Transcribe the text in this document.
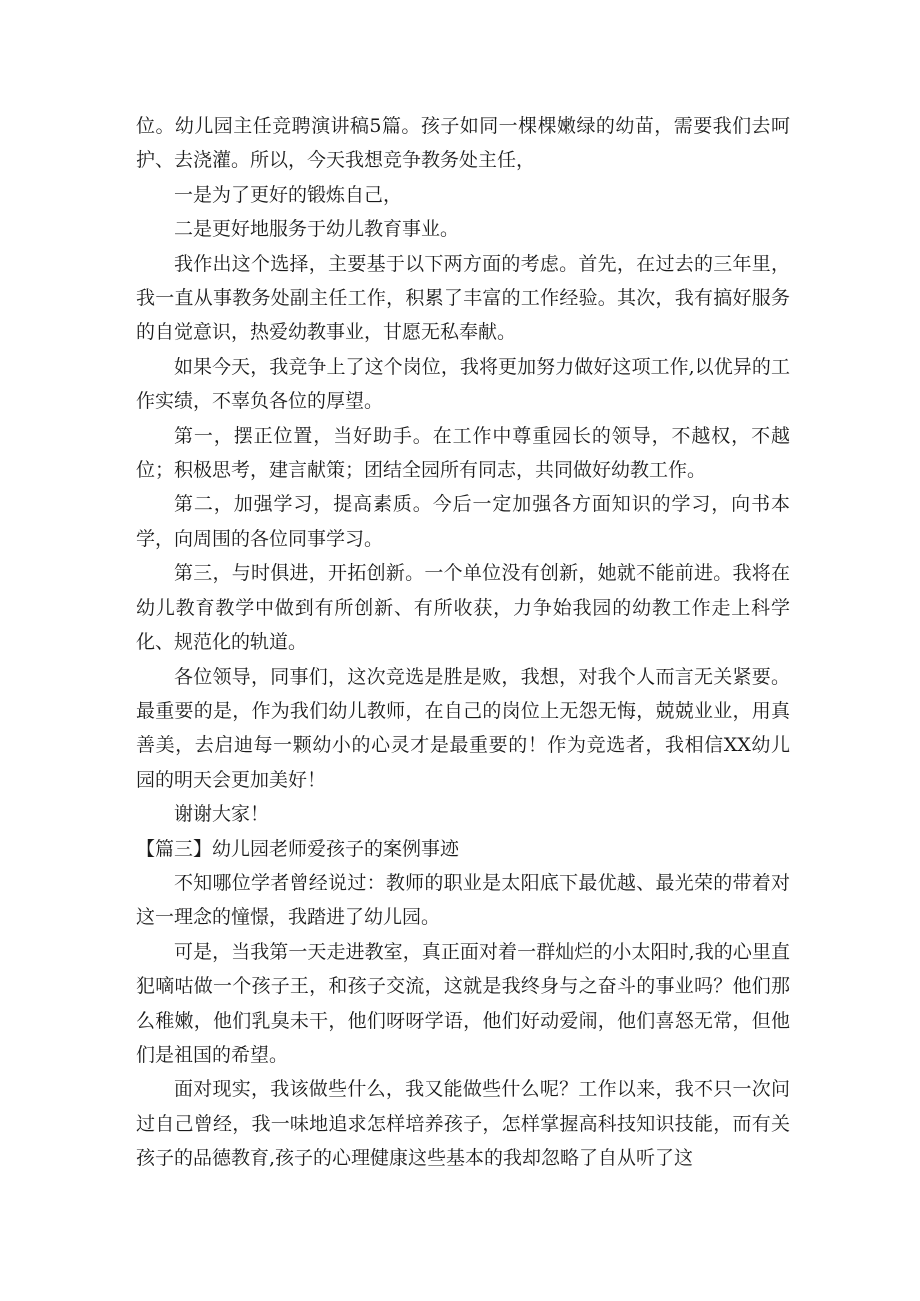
位。幼儿园主任竞聘演讲稿5篇。孩子如同一棵棵嫩绿的幼苗，需要我们去呵护、去浇灌。所以，今天我想竞争教务处主任，

一是为了更好的锻炼自己，

二是更好地服务于幼儿教育事业。

我作出这个选择，主要基于以下两方面的考虑。首先，在过去的三年里，我一直从事教务处副主任工作，积累了丰富的工作经验。其次，我有搞好服务的自觉意识，热爱幼教事业，甘愿无私奉献。

如果今天，我竞争上了这个岗位，我将更加努力做好这项工作,以优异的工作实绩，不辜负各位的厚望。

第一，摆正位置，当好助手。在工作中尊重园长的领导，不越权，不越位；积极思考，建言献策；团结全园所有同志，共同做好幼教工作。

第二，加强学习，提高素质。今后一定加强各方面知识的学习，向书本学，向周围的各位同事学习。

第三，与时俱进，开拓创新。一个单位没有创新，她就不能前进。我将在幼儿教育教学中做到有所创新、有所收获，力争始我园的幼教工作走上科学化、规范化的轨道。

各位领导，同事们，这次竞选是胜是败，我想，对我个人而言无关紧要。最重要的是，作为我们幼儿教师，在自己的岗位上无怨无悔，兢兢业业，用真善美，去启迪每一颗幼小的心灵才是最重要的！作为竞选者，我相信XX幼儿园的明天会更加美好！

谢谢大家！

【篇三】幼儿园老师爱孩子的案例事迹

不知哪位学者曾经说过：教师的职业是太阳底下最优越、最光荣的带着对这一理念的憧憬，我踏进了幼儿园。

可是，当我第一天走进教室，真正面对着一群灿烂的小太阳时,我的心里直犯嘀咕做一个孩子王，和孩子交流，这就是我终身与之奋斗的事业吗？他们那么稚嫩，他们乳臭未干，他们呀呀学语，他们好动爱闹，他们喜怒无常，但他们是祖国的希望。

面对现实，我该做些什么，我又能做些什么呢？工作以来，我不只一次问过自己曾经，我一味地追求怎样培养孩子，怎样掌握高科技知识技能，而有关孩子的品德教育,孩子的心理健康这些基本的我却忽略了自从听了这
